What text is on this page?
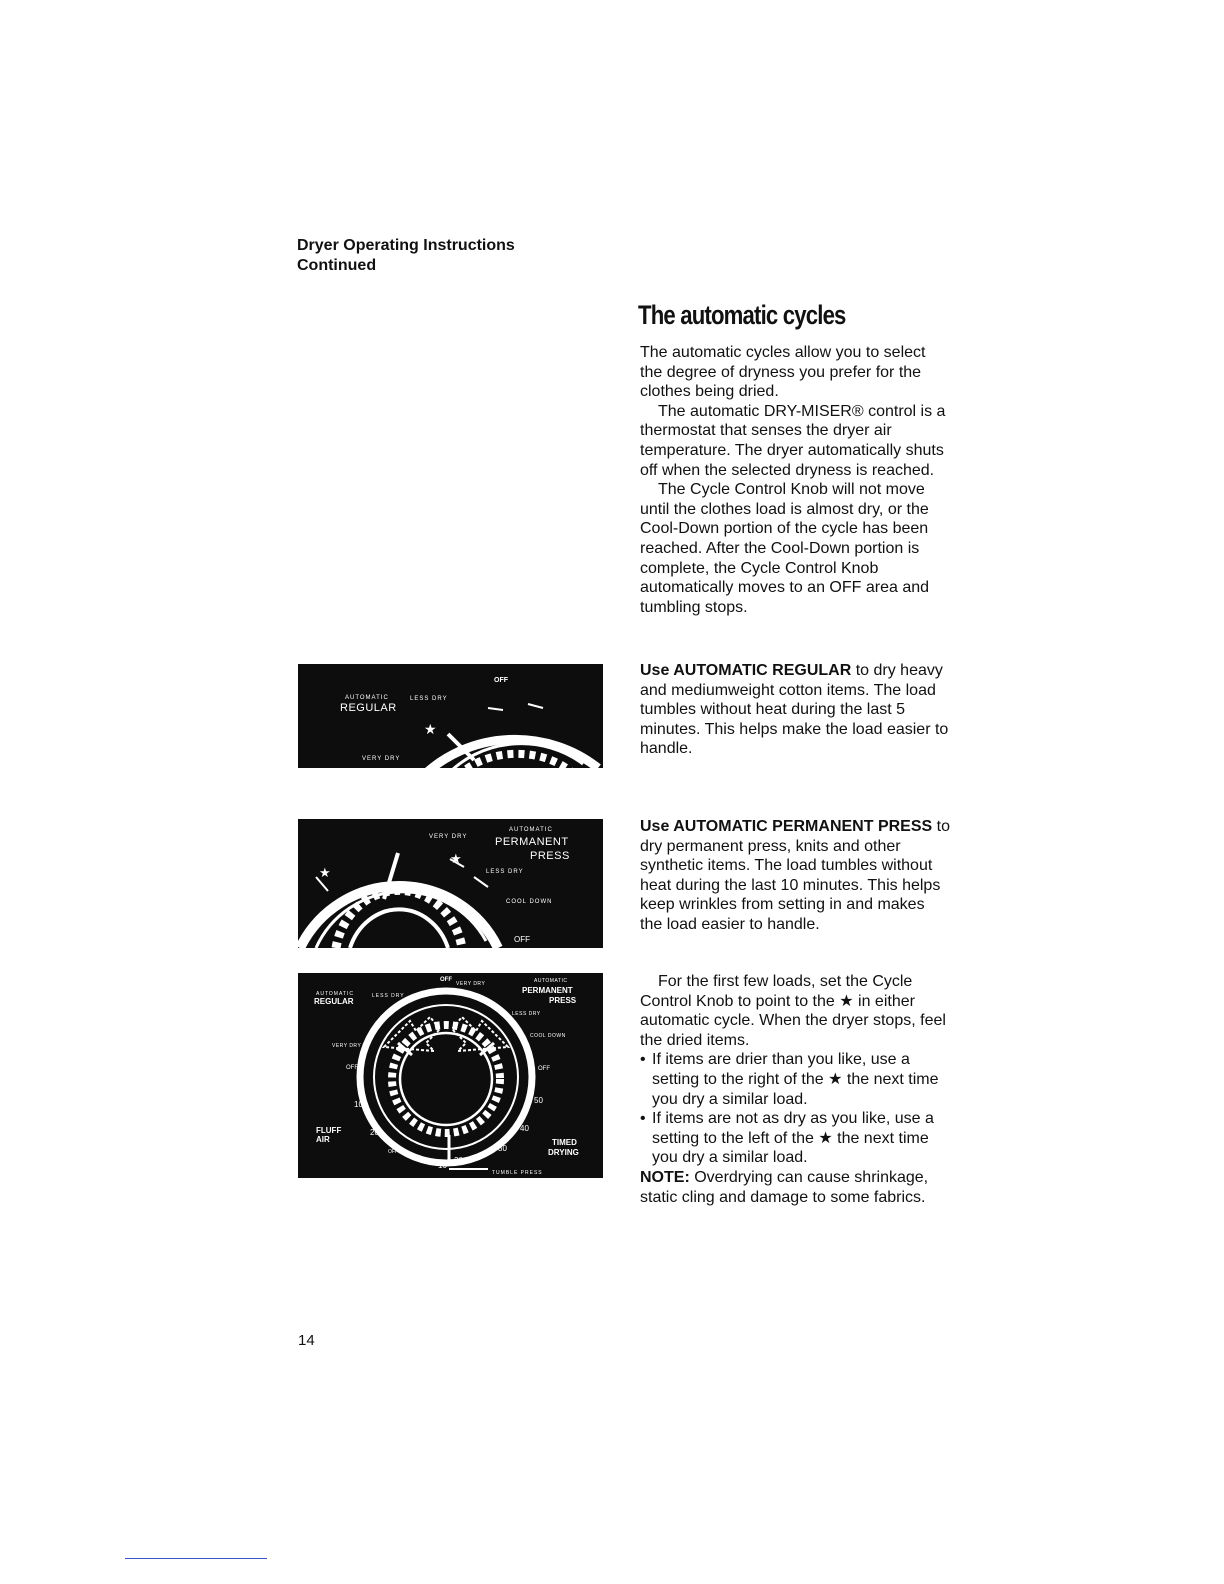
Dryer Operating Instructions
Continued
The automatic cycles

The automatic cycles allow you to select the degree of dryness you prefer for the clothes being dried.

The automatic DRY-MISER® control is a thermostat that senses the dryer air temperature. The dryer automatically shuts off when the selected dryness is reached.

The Cycle Control Knob will not move until the clothes load is almost dry, or the Cool-Down portion of the cycle has been reached. After the Cool-Down portion is complete, the Cycle Control Knob automatically moves to an OFF area and tumbling stops.

Use AUTOMATIC REGULAR to dry heavy and mediumweight cotton items. The load tumbles without heat during the last 5 minutes. This helps make the load easier to handle.

Use AUTOMATIC PERMANENT PRESS to dry permanent press, knits and other synthetic items. The load tumbles without heat during the last 10 minutes. This helps keep wrinkles from setting in and makes the load easier to handle.

For the first few loads, set the Cycle Control Knob to point to the ★ in either automatic cycle. When the dryer stops, feel the dried items.

• If items are drier than you like, use a setting to the right of the ★ the next time you dry a similar load.
• If items are not as dry as you like, use a setting to the left of the ★ the next time you dry a similar load.

NOTE: Overdrying can cause shrinkage, static cling and damage to some fabrics.

★
AUTOMATIC
REGULAR
LESS DRY
VERY DRY
OFF
★
★
VERY DRY
AUTOMATIC
PERMANENT
PRESS
LESS DRY
COOL DOWN
OFF
AUTOMATIC
REGULAR
LESS DRY
OFF
VERY DRY	AUTOMATIC
PERMANENT
PRESS
LESS DRY
COOL DOWN
VERY DRY
OFF	OFF
10	50
FLUFF
AIR
20	40
TIMED
DRYING
OFF	30
10
20
TUMBLE PRESS
14
